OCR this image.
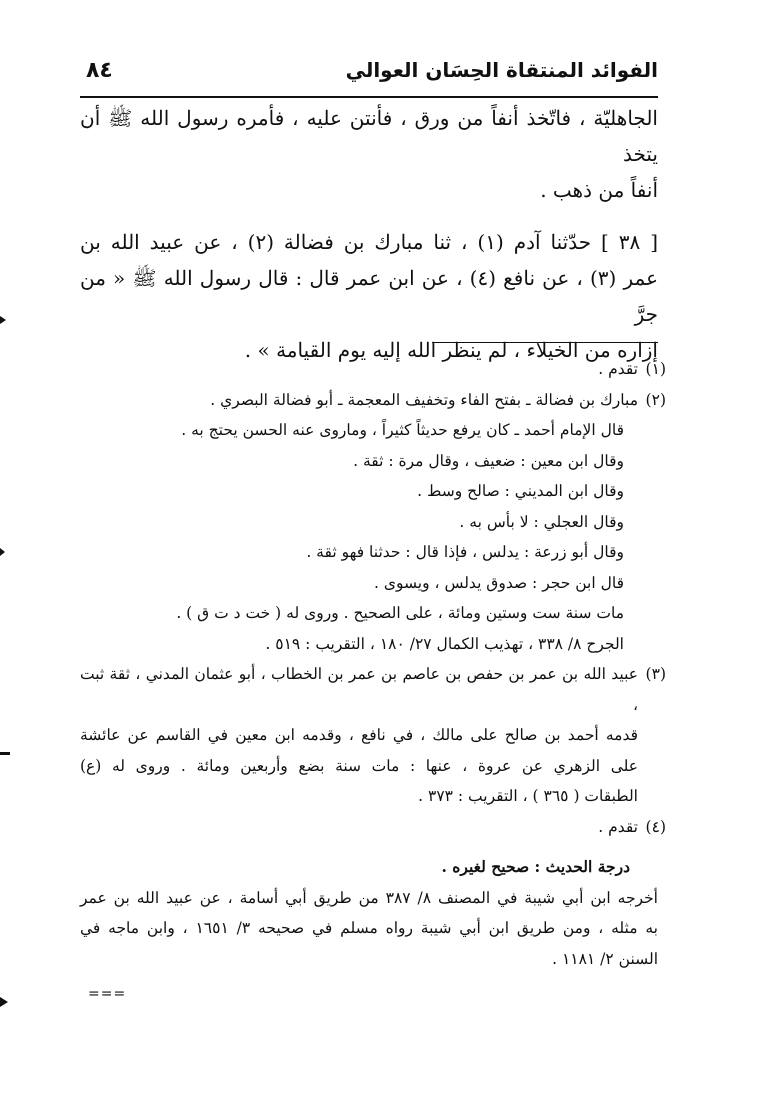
الفوائد المنتقاة الحِسَان العوالي
٨٤

الجاهليّة ، فاتّخذ أنفاً من ورق ، فأنتن عليه ، فأمره رسول الله ﷺ أن يتخذ
أنفاً من ذهب .

[ ٣٨ ] حدّثنا آدم (١) ، ثنا مبارك بن فضالة (٢) ، عن عبيد الله بن
عمر (٣) ، عن نافع (٤) ، عن ابن عمر قال : قال رسول الله ﷺ « من جرَّ
إزاره من الخيلاء ، لم ينظر الله إليه يوم القيامة » .

(١)
تقدم .
(٢)
مبارك بن فضالة ـ بفتح الفاء وتخفيف المعجمة ـ أبو فضالة البصري .
قال الإمام أحمد ـ كان يرفع حديثاً كثيراً ، وماروى عنه الحسن يحتج به .
وقال ابن معين : ضعيف ، وقال مرة : ثقة .
وقال ابن المديني : صالح وسط .
وقال العجلي : لا بأس به .
وقال أبو زرعة : يدلس ، فإذا قال : حدثنا فهو ثقة .
قال ابن حجر : صدوق يدلس ، ويسوى .
مات سنة ست وستين ومائة ، على الصحيح . وروى له ( خت د ت ق ) .
الجرح ٨/ ٣٣٨ ، تهذيب الكمال ٢٧/ ١٨٠ ، التقريب : ٥١٩ .
(٣)
عبيد الله بن عمر بن حفص بن عاصم بن عمر بن الخطاب ، أبو عثمان المدني ، ثقة ثبت ،
قدمه أحمد بن صالح على مالك ، في نافع ، وقدمه ابن معين في القاسم عن عائشة
على الزهري عن عروة ، عنها : مات سنة بضع وأربعين ومائة . وروى له (ع)
الطبقات ( ٣٦٥ ) ، التقريب : ٣٧٣ .
(٤)
تقدم .
درجة الحديث : صحيح لغيره .
أخرجه ابن أبي شيبة في المصنف ٨/ ٣٨٧ من طريق أبي أسامة ، عن عبيد الله بن عمر
به مثله ، ومن طريق ابن أبي شيبة رواه مسلم في صحيحه ٣/ ١٦٥١ ، وابن ماجه في
السنن ٢/ ١١٨١ .
===
